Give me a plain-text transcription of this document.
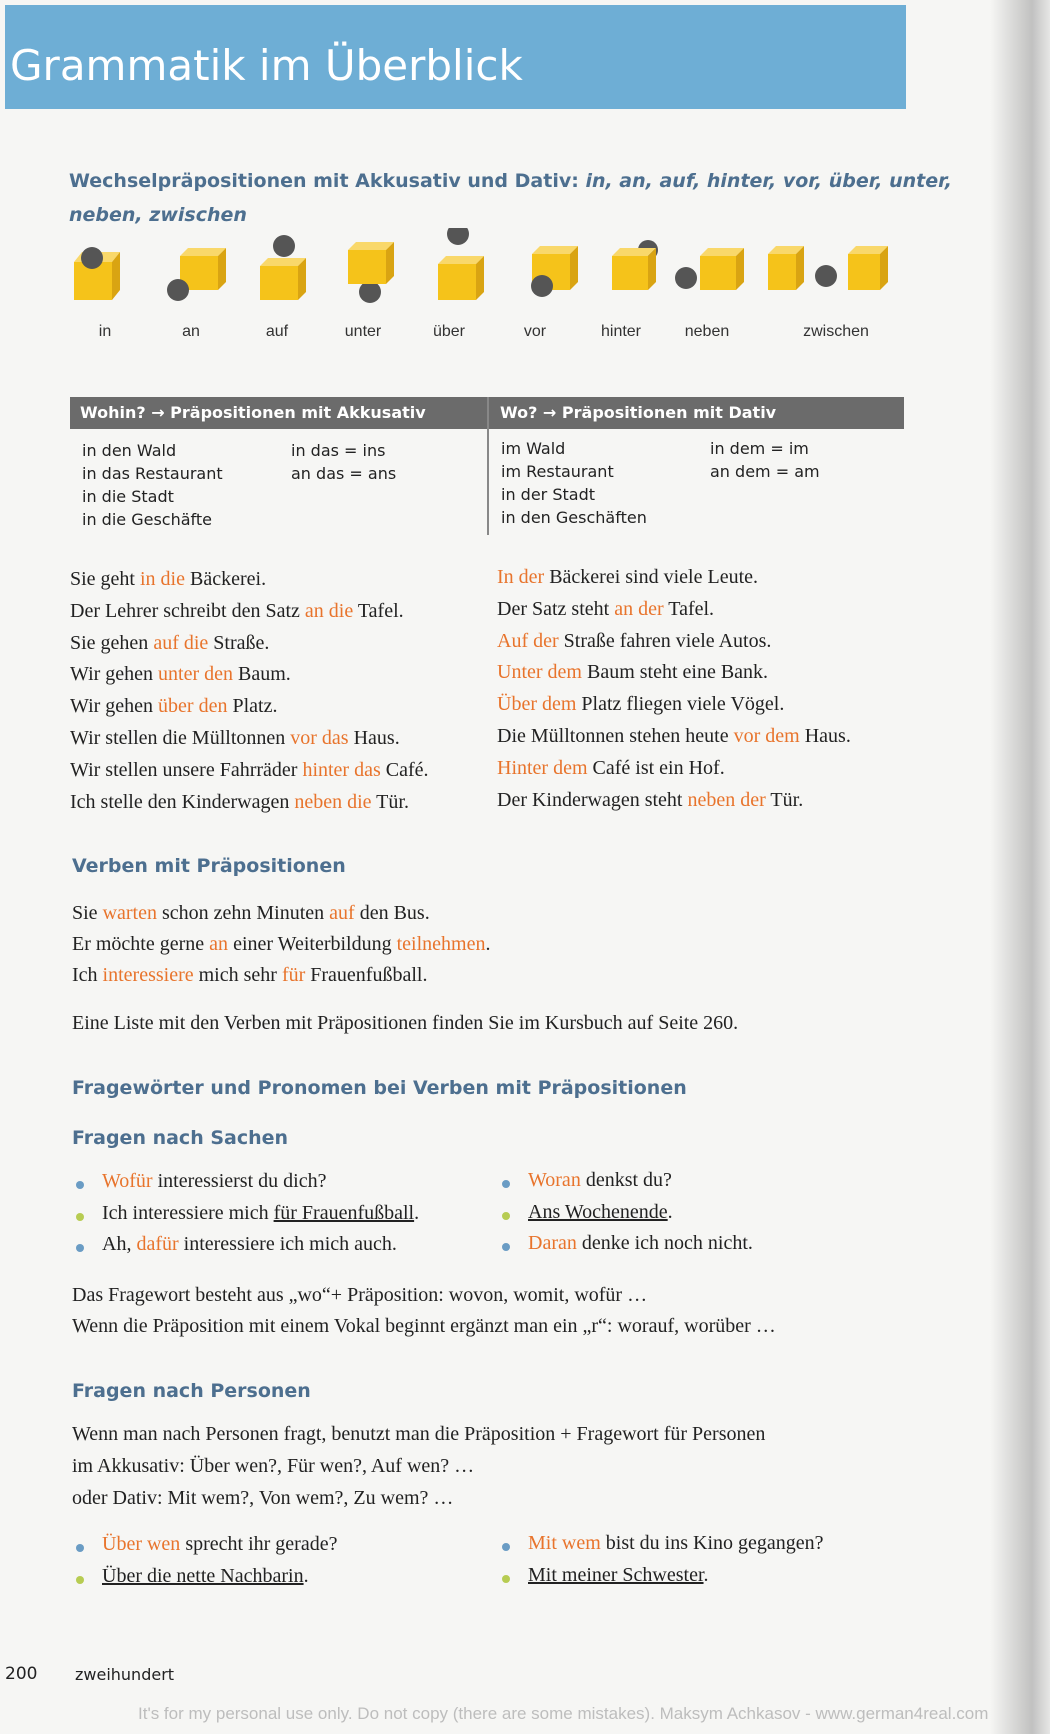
Grammatik im Überblick
Wechselpräpositionen mit Akkusativ und Dativ: in, an, auf, hinter, vor, über, unter,
neben, zwischen
in	an	auf	unter	über	vor	hinter	neben	zwischen
Wohin? → Präpositionen mit Akkusativ	Wo? → Präpositionen mit Dativ
in den Wald
in das Restaurant
in die Stadt
in die Geschäfte
in das = ins
an das = ans
im Wald
im Restaurant
in der Stadt
in den Geschäften
in dem = im
an dem = am
Sie geht in die Bäckerei.
Der Lehrer schreibt den Satz an die Tafel.
Sie gehen auf die Straße.
Wir gehen unter den Baum.
Wir gehen über den Platz.
Wir stellen die Mülltonnen vor das Haus.
Wir stellen unsere Fahrräder hinter das Café.
Ich stelle den Kinderwagen neben die Tür.
In der Bäckerei sind viele Leute.
Der Satz steht an der Tafel.
Auf der Straße fahren viele Autos.
Unter dem Baum steht eine Bank.
Über dem Platz fliegen viele Vögel.
Die Mülltonnen stehen heute vor dem Haus.
Hinter dem Café ist ein Hof.
Der Kinderwagen steht neben der Tür.
Verben mit Präpositionen
Sie warten schon zehn Minuten auf den Bus.
Er möchte gerne an einer Weiterbildung teilnehmen.
Ich interessiere mich sehr für Frauenfußball.
Eine Liste mit den Verben mit Präpositionen finden Sie im Kursbuch auf Seite 260.
Fragewörter und Pronomen bei Verben mit Präpositionen
Fragen nach Sachen
Wofür interessierst du dich?
Ich interessiere mich für Frauenfußball.
Ah, dafür interessiere ich mich auch.
Woran denkst du?
Ans Wochenende.
Daran denke ich noch nicht.
Das Fragewort besteht aus „wo“+ Präposition: wovon, womit, wofür …
Wenn die Präposition mit einem Vokal beginnt ergänzt man ein „r“: worauf, worüber …
Fragen nach Personen
Wenn man nach Personen fragt, benutzt man die Präposition + Fragewort für Personen
im Akkusativ: Über wen?, Für wen?, Auf wen? …
oder Dativ: Mit wem?, Von wem?, Zu wem? …
Über wen sprecht ihr gerade?
Über die nette Nachbarin.
Mit wem bist du ins Kino gegangen?
Mit meiner Schwester.
200 zweihundert
It's for my personal use only. Do not copy (there are some mistakes). Maksym Achkasov - www.german4real.com
